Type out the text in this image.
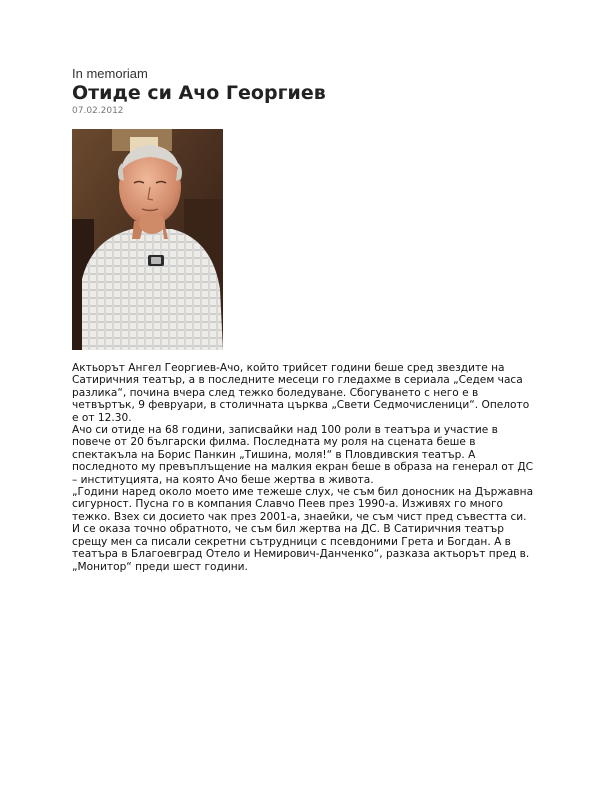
In memoriam

Отиде си Ачо Георгиев

07.02.2012

Актьорът Ангел Георгиев-Ачо, който трийсет години беше сред звездите на Сатиричния театър, а в последните месеци го гледахме в сериала „Седем часа разлика“, почина вчера след тежко боледуване. Сбогуването с него е в четвъртък, 9 февруари, в столичната църква „Свети Седмочисленици“. Опелото е от 12.30.

Ачо си отиде на 68 години, записвайки над 100 роли в театъра и участие в повече от 20 български филма. Последната му роля на сцената беше в спектакъла на Борис Панкин „Тишина, моля!“ в Пловдивския театър. А последното му превъплъщение на малкия екран беше в образа на генерал от ДС – институцията, на която Ачо беше жертва в живота.

„Години наред около моето име тежеше слух, че съм бил доносник на Държавна сигурност. Пусна го в компания Славчо Пеев през 1990-а. Изживях го много тежко. Взех си досието чак през 2001-а, знаейки, че съм чист пред съвестта си. И се оказа точно обратното, че съм бил жертва на ДС. В Сатиричния театър срещу мен са писали секретни сътрудници с псевдоними Грета и Богдан. А в театъра в Благоевград Отело и Немирович-Данченко“, разказа актьорът пред в. „Монитор“ преди шест години.
